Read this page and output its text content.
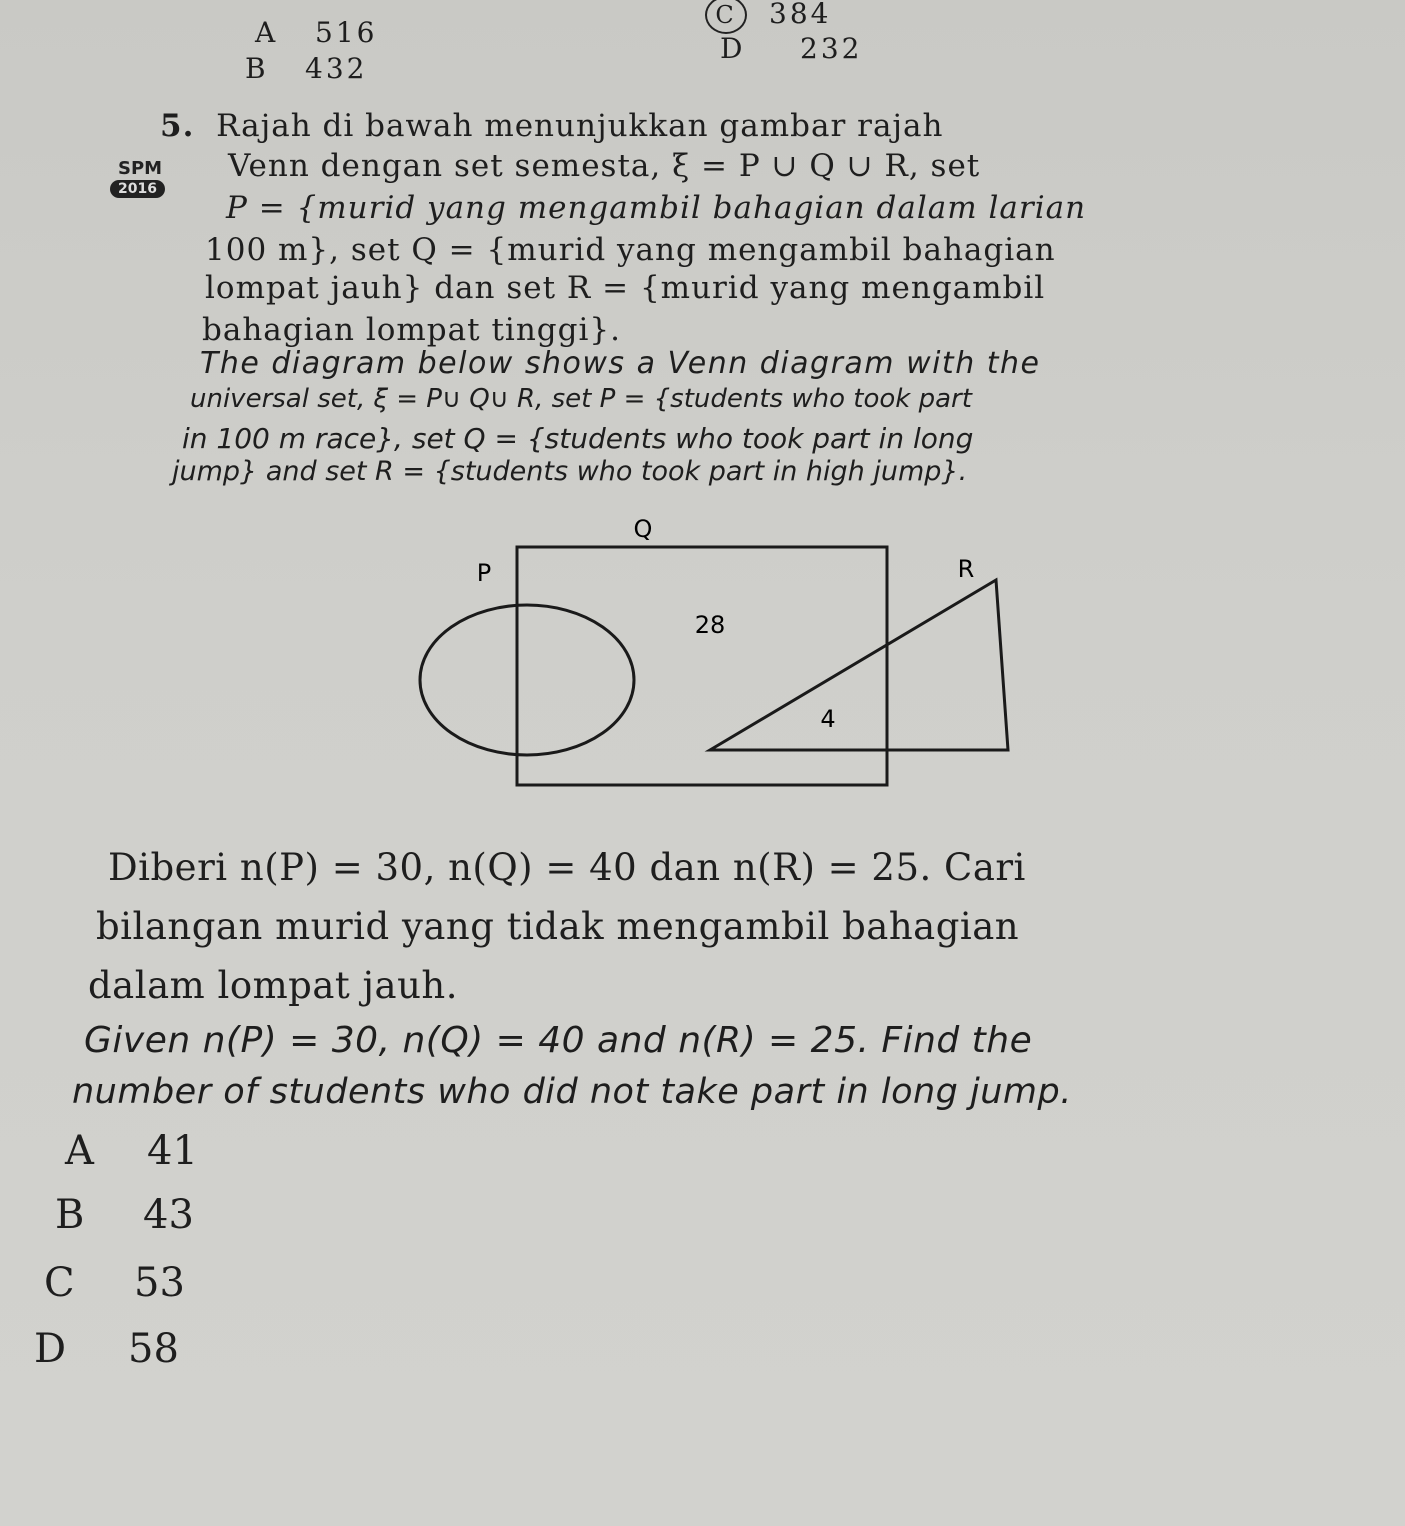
A 516
B 432
C 384
D 232
SPM
2016
5. Rajah di bawah menunjukkan gambar rajah
Venn dengan set semesta, ξ = P ∪ Q ∪ R, set
P = {murid yang mengambil bahagian dalam larian
100 m}, set Q = {murid yang mengambil bahagian
lompat jauh} dan set R = {murid yang mengambil
bahagian lompat tinggi}.
The diagram below shows a Venn diagram with the
universal set, ξ = P∪ Q∪ R, set P = {students who took part
in 100 m race}, set Q = {students who took part in long
jump} and set R = {students who took part in high jump}.
Q
P	R
28
4
Diberi n(P) = 30, n(Q) = 40 dan n(R) = 25. Cari
bilangan murid yang tidak mengambil bahagian
dalam lompat jauh.
Given n(P) = 30, n(Q) = 40 and n(R) = 25. Find the
number of students who did not take part in long jump.
A 41
B 43
C 53
D 58
